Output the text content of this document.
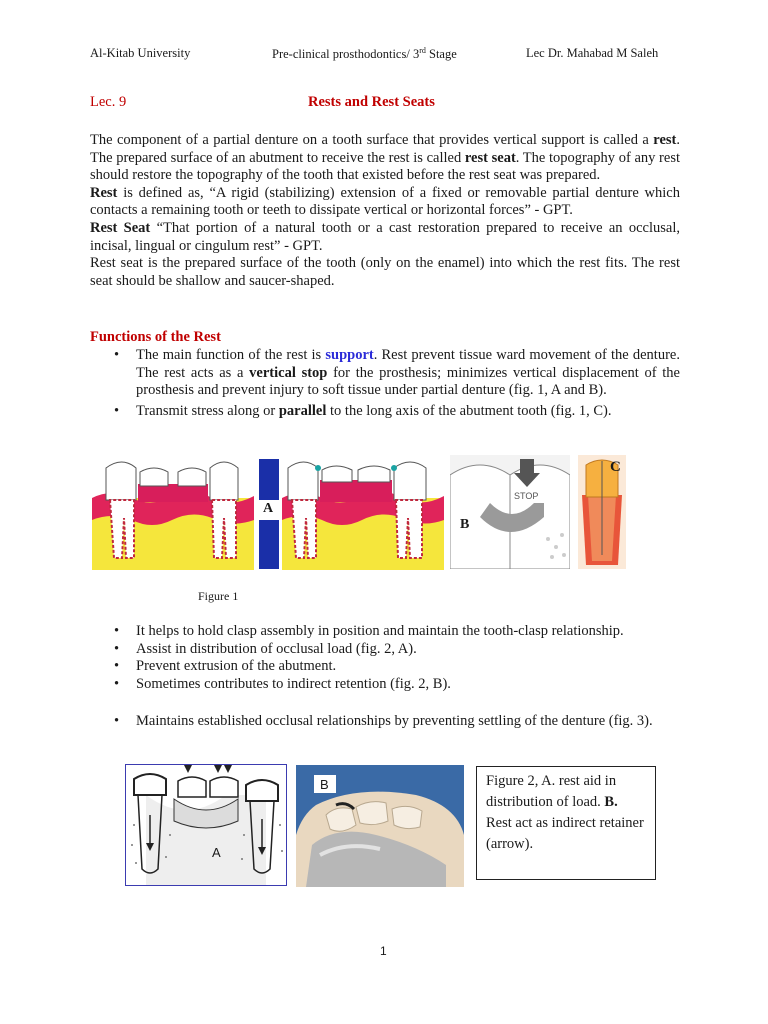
Al-Kitab University	Pre-clinical prosthodontics/ 3rd Stage	Lec Dr. Mahabad M Saleh
Lec. 9	Rests and Rest Seats

The component of a partial denture on a tooth surface that provides vertical support is called a rest. The prepared surface of an abutment to receive the rest is called rest seat. The topography of any rest should restore the topography of the tooth that existed before the rest seat was prepared.

Rest is defined as, “A rigid (stabilizing) extension of a fixed or removable partial denture which contacts a remaining tooth or teeth to dissipate vertical or horizontal forces” - GPT.

Rest Seat “That portion of a natural tooth or a cast restoration prepared to receive an occlusal, incisal, lingual or cingulum rest” - GPT.

Rest seat is the prepared surface of the tooth (only on the enamel) into which the rest fits. The rest seat should be shallow and saucer-shaped.

Functions of the Rest
• The main function of the rest is support. Rest prevent tissue ward movement of the denture. The rest acts as a vertical stop for the prosthesis; minimizes vertical displacement of the prosthesis and prevent injury to soft tissue under partial denture (fig. 1, A and B).
• Transmit stress along or parallel to the long axis of the abutment tooth (fig. 1, C).
A
STOP
B
C
Figure 1
• It helps to hold clasp assembly in position and maintain the tooth-clasp relationship.
• Assist in distribution of occlusal load (fig. 2, A).
• Prevent extrusion of the abutment.
• Sometimes contributes to indirect retention (fig. 2, B).
• Maintains established occlusal relationships by preventing settling of the denture (fig. 3).
A
B	Figure 2, A. rest aid in distribution of load. B. Rest act as indirect retainer (arrow).
1
